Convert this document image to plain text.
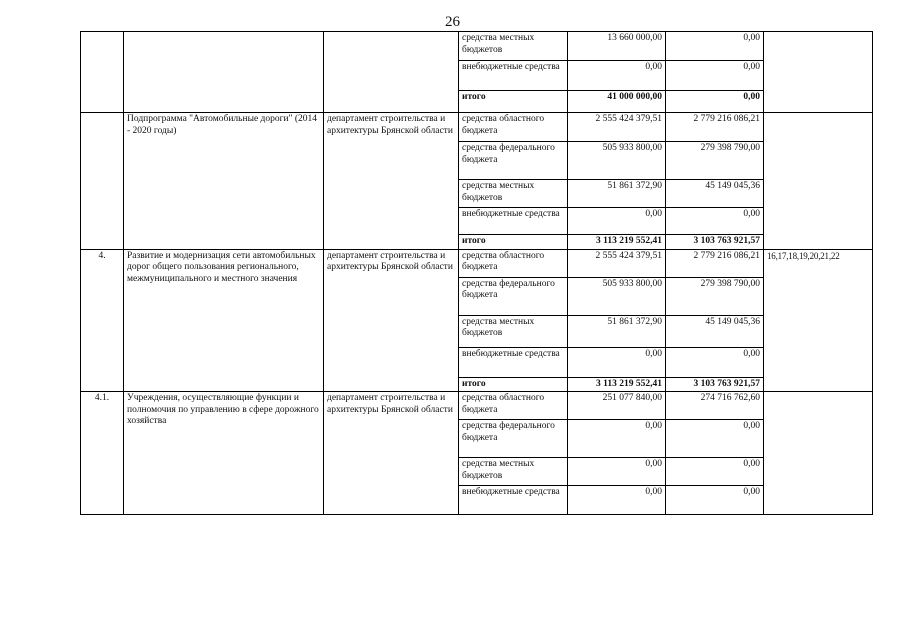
26
			средства местных бюджетов	13 660 000,00	0,00	
			внебюджетные средства	0,00	0,00	
			итого	41 000 000,00	0,00	
	Подпрограмма "Автомобильные дороги" (2014 - 2020 годы)	департамент строительства и архитектуры Брянской области	средства областного бюджета	2 555 424 379,51	2 779 216 086,21	
			средства федерального бюджета	505 933 800,00	279 398 790,00	
			средства местных бюджетов	51 861 372,90	45 149 045,36	
			внебюджетные средства	0,00	0,00	
			итого	3 113 219 552,41	3 103 763 921,57	
4.	Развитие и модернизация сети автомобильных дорог общего пользования регионального, межмуниципального и местного значения	департамент строительства и архитектуры Брянской области	средства областного бюджета	2 555 424 379,51	2 779 216 086,21	16,17,18,19,20,21,22
			средства федерального бюджета	505 933 800,00	279 398 790,00	
			средства местных бюджетов	51 861 372,90	45 149 045,36	
			внебюджетные средства	0,00	0,00	
			итого	3 113 219 552,41	3 103 763 921,57	
4.1.	Учреждения, осуществляющие функции и полномочия по управлению в сфере дорожного хозяйства	департамент строительства и архитектуры Брянской области	средства областного бюджета	251 077 840,00	274 716 762,60	
			средства федерального бюджета	0,00	0,00	
			средства местных бюджетов	0,00	0,00	
			внебюджетные средства	0,00	0,00	
